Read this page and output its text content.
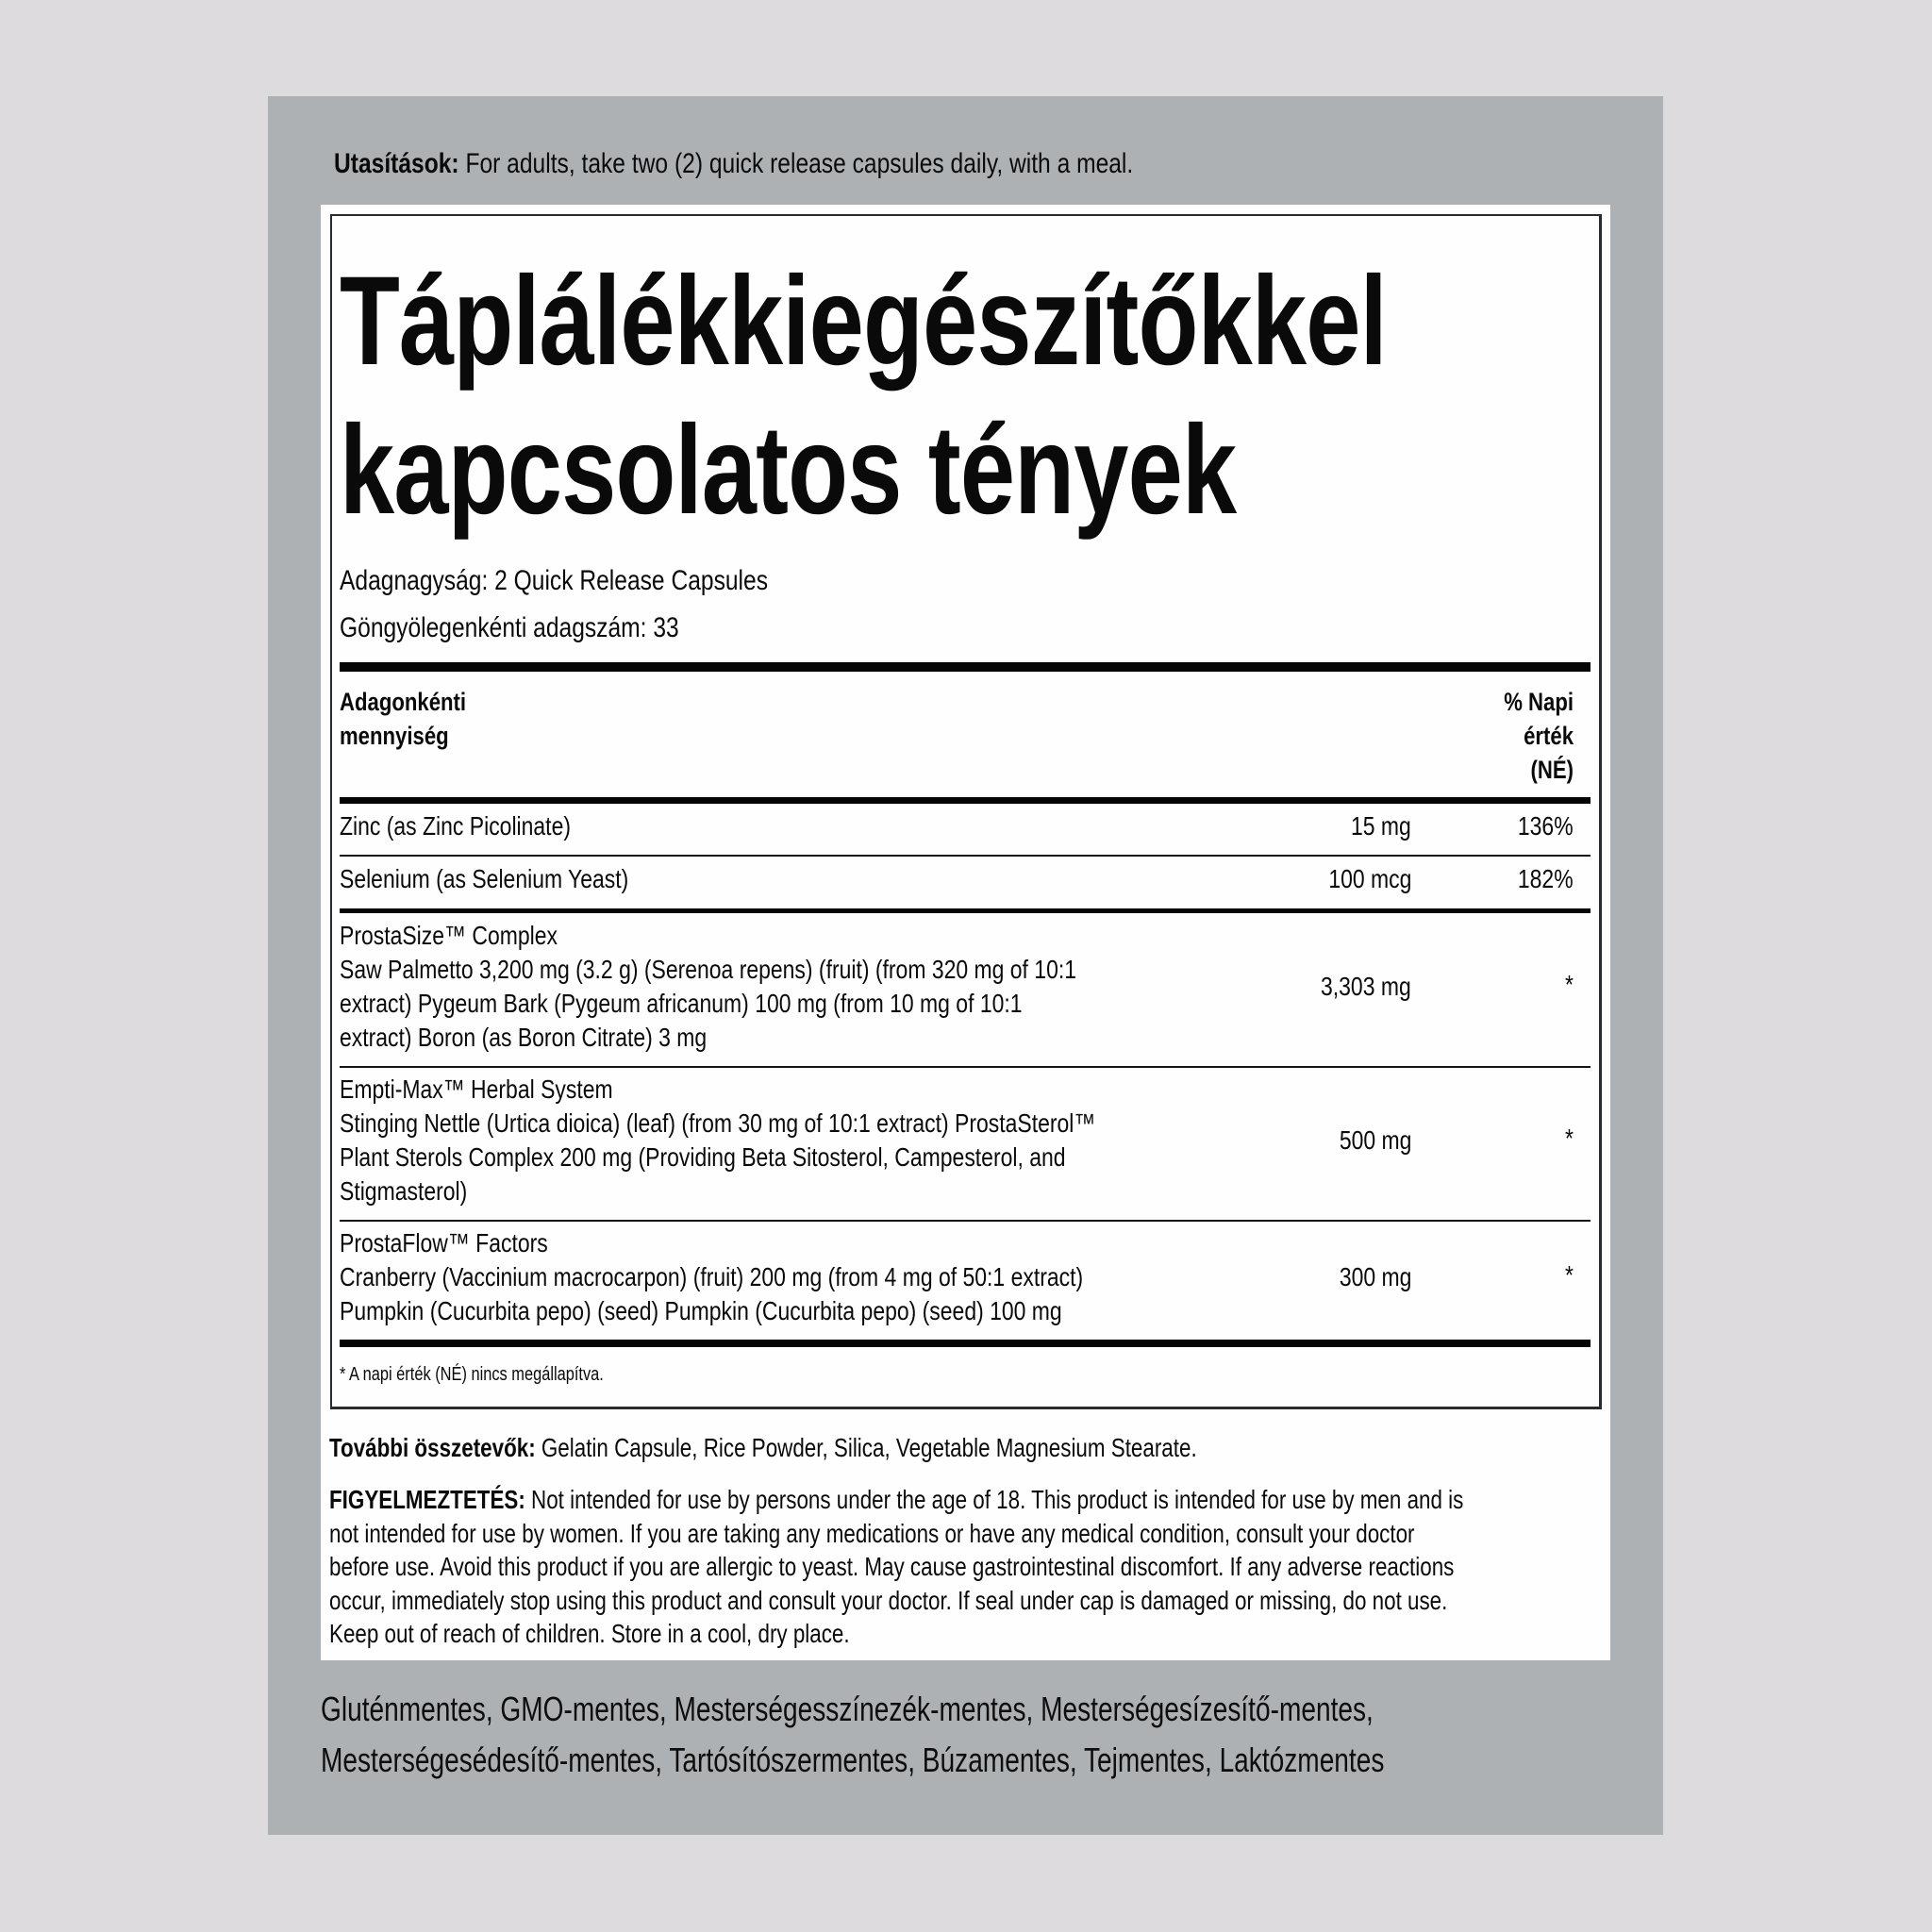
Utasítások: For adults, take two (2) quick release capsules daily, with a meal.
Táplálékkiegészítőkkel
kapcsolatos tények
Adagnagyság: 2 Quick Release Capsules
Göngyölegenkénti adagszám: 33
Adagonkénti
mennyiség
% Napi
érték
(NÉ)
Zinc (as Zinc Picolinate)	15 mg	136%
Selenium (as Selenium Yeast)	100 mcg	182%
ProstaSize™ Complex
Saw Palmetto 3,200 mg (3.2 g) (Serenoa repens) (fruit) (from 320 mg of 10:1
extract) Pygeum Bark (Pygeum africanum) 100 mg (from 10 mg of 10:1
extract) Boron (as Boron Citrate) 3 mg
3,303 mg	*
Empti-Max™ Herbal System
Stinging Nettle (Urtica dioica) (leaf) (from 30 mg of 10:1 extract) ProstaSterol™
Plant Sterols Complex 200 mg (Providing Beta Sitosterol, Campesterol, and
Stigmasterol)
500 mg	*
ProstaFlow™ Factors
Cranberry (Vaccinium macrocarpon) (fruit) 200 mg (from 4 mg of 50:1 extract)
Pumpkin (Cucurbita pepo) (seed) Pumpkin (Cucurbita pepo) (seed) 100 mg
300 mg	*
* A napi érték (NÉ) nincs megállapítva.
További összetevők: Gelatin Capsule, Rice Powder, Silica, Vegetable Magnesium Stearate.
FIGYELMEZTETÉS: Not intended for use by persons under the age of 18. This product is intended for use by men and is
not intended for use by women. If you are taking any medications or have any medical condition, consult your doctor
before use. Avoid this product if you are allergic to yeast. May cause gastrointestinal discomfort. If any adverse reactions
occur, immediately stop using this product and consult your doctor. If seal under cap is damaged or missing, do not use.
Keep out of reach of children. Store in a cool, dry place.
Gluténmentes, GMO-mentes, Mesterségesszínezék-mentes, Mesterségesízesítő-mentes,
Mesterségesédesítő-mentes, Tartósítószermentes, Búzamentes, Tejmentes, Laktózmentes
